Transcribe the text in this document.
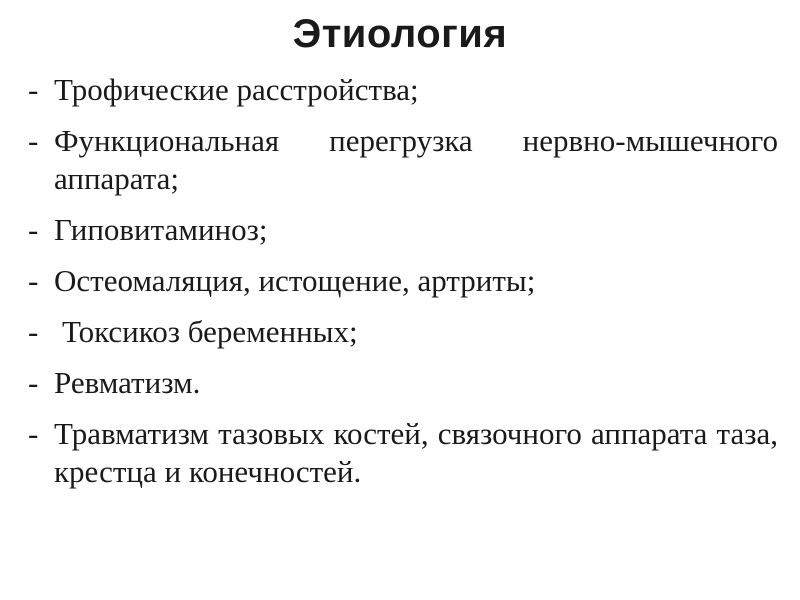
Этиология
- Трофические расстройства;
- Функциональная перегрузка нервно-мышечного аппарата;
- Гиповитаминоз;
- Остеомаляция, истощение, артриты;
- Токсикоз беременных;
- Ревматизм.
- Травматизм тазовых костей, связочного аппарата таза, крестца и конечностей.
